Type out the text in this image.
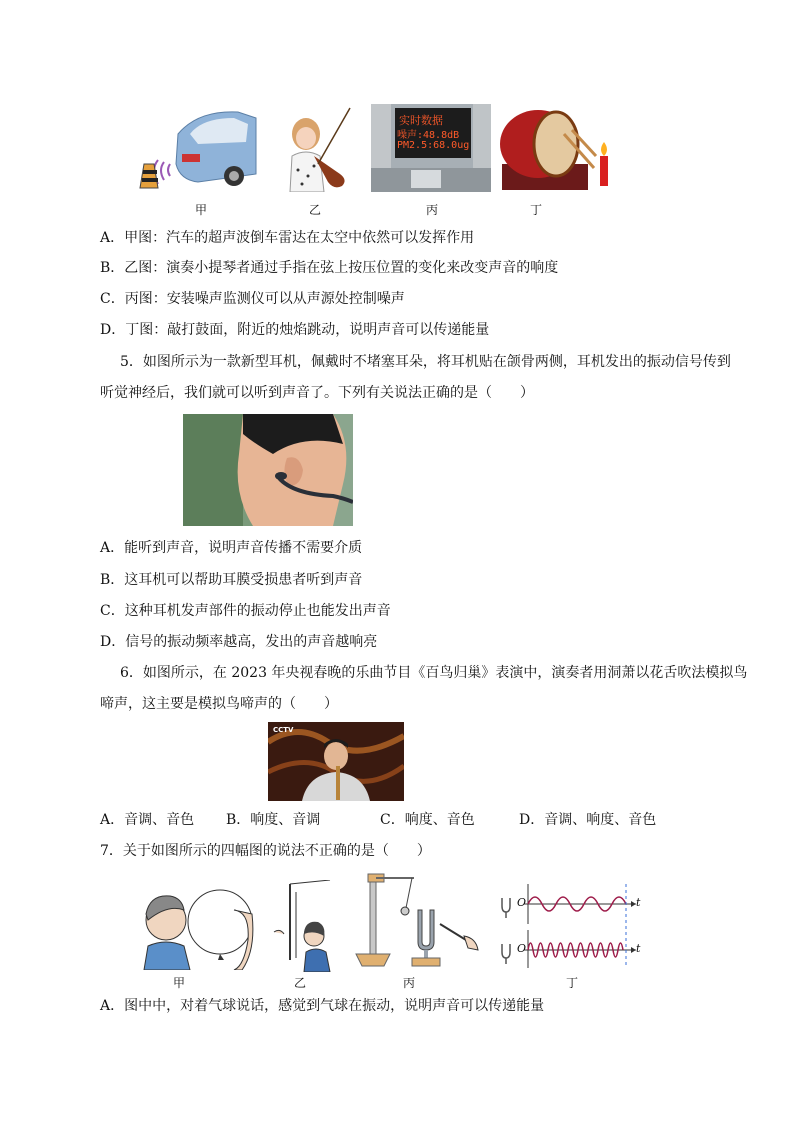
实时数据
噪声:48.8dB
PM2.5:68.0ug
甲	乙	丙	丁
A．甲图：汽车的超声波倒车雷达在太空中依然可以发挥作用
B．乙图：演奏小提琴者通过手指在弦上按压位置的变化来改变声音的响度
C．丙图：安装噪声监测仪可以从声源处控制噪声
D．丁图：敲打鼓面，附近的烛焰跳动，说明声音可以传递能量
5．如图所示为一款新型耳机，佩戴时不堵塞耳朵，将耳机贴在颌骨两侧，耳机发出的振动信号传到
听觉神经后，我们就可以听到声音了。下列有关说法正确的是（　　）
A．能听到声音，说明声音传播不需要介质
B．这耳机可以帮助耳膜受损患者听到声音
C．这种耳机发声部件的振动停止也能发出声音
D．信号的振动频率越高，发出的声音越响亮
6．如图所示，在 2023 年央视春晚的乐曲节目《百鸟归巢》表演中，演奏者用洞萧以花舌吹法模拟鸟
啼声，这主要是模拟鸟啼声的（　　）
CCTV
A．音调、音色 B．响度、音调	C．响度、音色	D．音调、响度、音色
7．关于如图所示的四幅图的说法不正确的是（　　）
O
O
t
t
甲	乙	丙	丁
A．图中中，对着气球说话，感觉到气球在振动，说明声音可以传递能量
